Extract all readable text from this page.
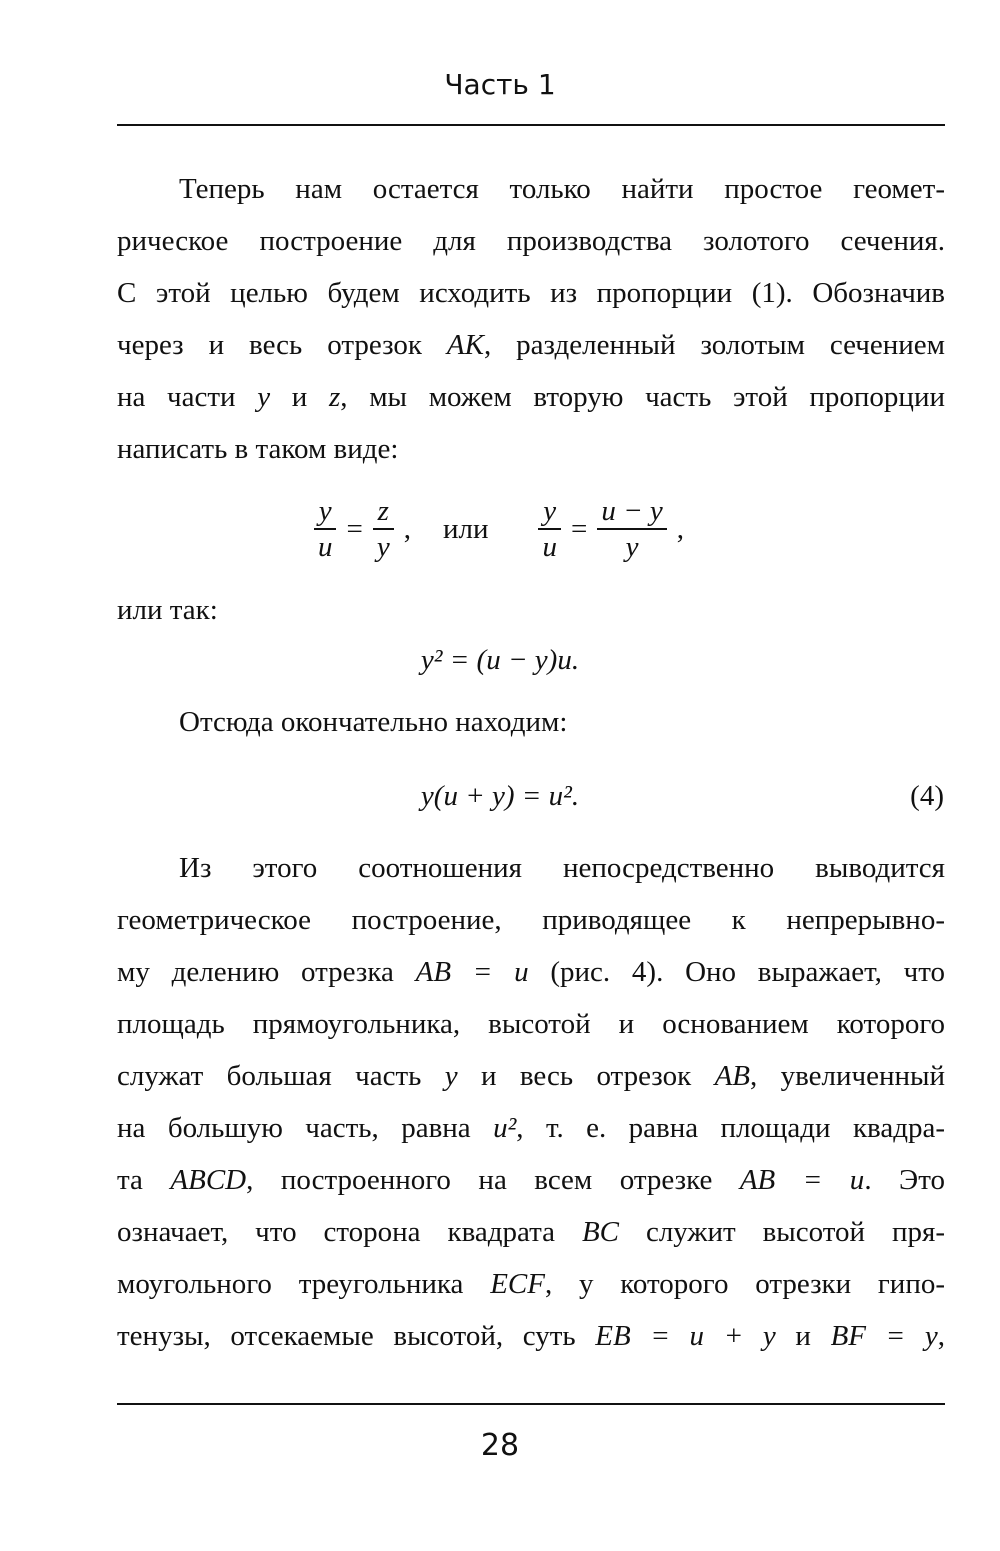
Часть 1

Теперь нам остается только найти простое геомет-

рическое построение для производства золотого сечения.

С этой целью будем исходить из пропорции (1). Обозначив

через и весь отрезок AK, разделенный золотым сечением

на части y и z, мы можем вторую часть этой пропорции

написать в таком виде:

$\frac{y}{u} = \frac{z}{y}$ , или $\frac{y}{u} = \frac{u - y}{y}$ ,

или так:

y² = (u − y)u.

Отсюда окончательно находим:

y(u + y) = u².	(4)

Из этого соотношения непосредственно выводится

геометрическое построение, приводящее к непрерывно-

му делению отрезка AB = u (рис. 4). Оно выражает, что

площадь прямоугольника, высотой и основанием которого

служат большая часть y и весь отрезок AB, увеличенный

на большую часть, равна u², т. е. равна площади квадра-

та ABCD, построенного на всем отрезке AB = u. Это

означает, что сторона квадрата BC служит высотой пря-

моугольного треугольника ECF, у которого отрезки гипо-

тенузы, отсекаемые высотой, суть EB = u + y и BF = y,

28
